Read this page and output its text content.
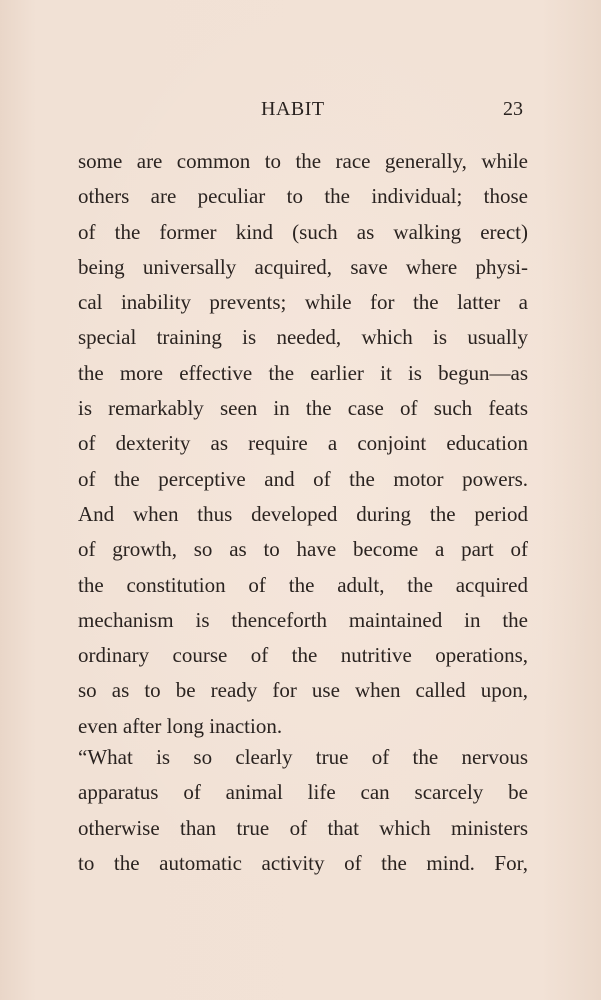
HABIT	23
some are common to the race generally, while
others are peculiar to the individual; those
of the former kind (such as walking erect)
being universally acquired, save where physi-
cal inability prevents; while for the latter a
special training is needed, which is usually
the more effective the earlier it is begun—as
is remarkably seen in the case of such feats
of dexterity as require a conjoint education
of the perceptive and of the motor powers.
And when thus developed during the period
of growth, so as to have become a part of
the constitution of the adult, the acquired
mechanism is thenceforth maintained in the
ordinary course of the nutritive operations,
so as to be ready for use when called upon,
even after long inaction.
“What is so clearly true of the nervous
apparatus of animal life can scarcely be
otherwise than true of that which ministers
to the automatic activity of the mind. For,
